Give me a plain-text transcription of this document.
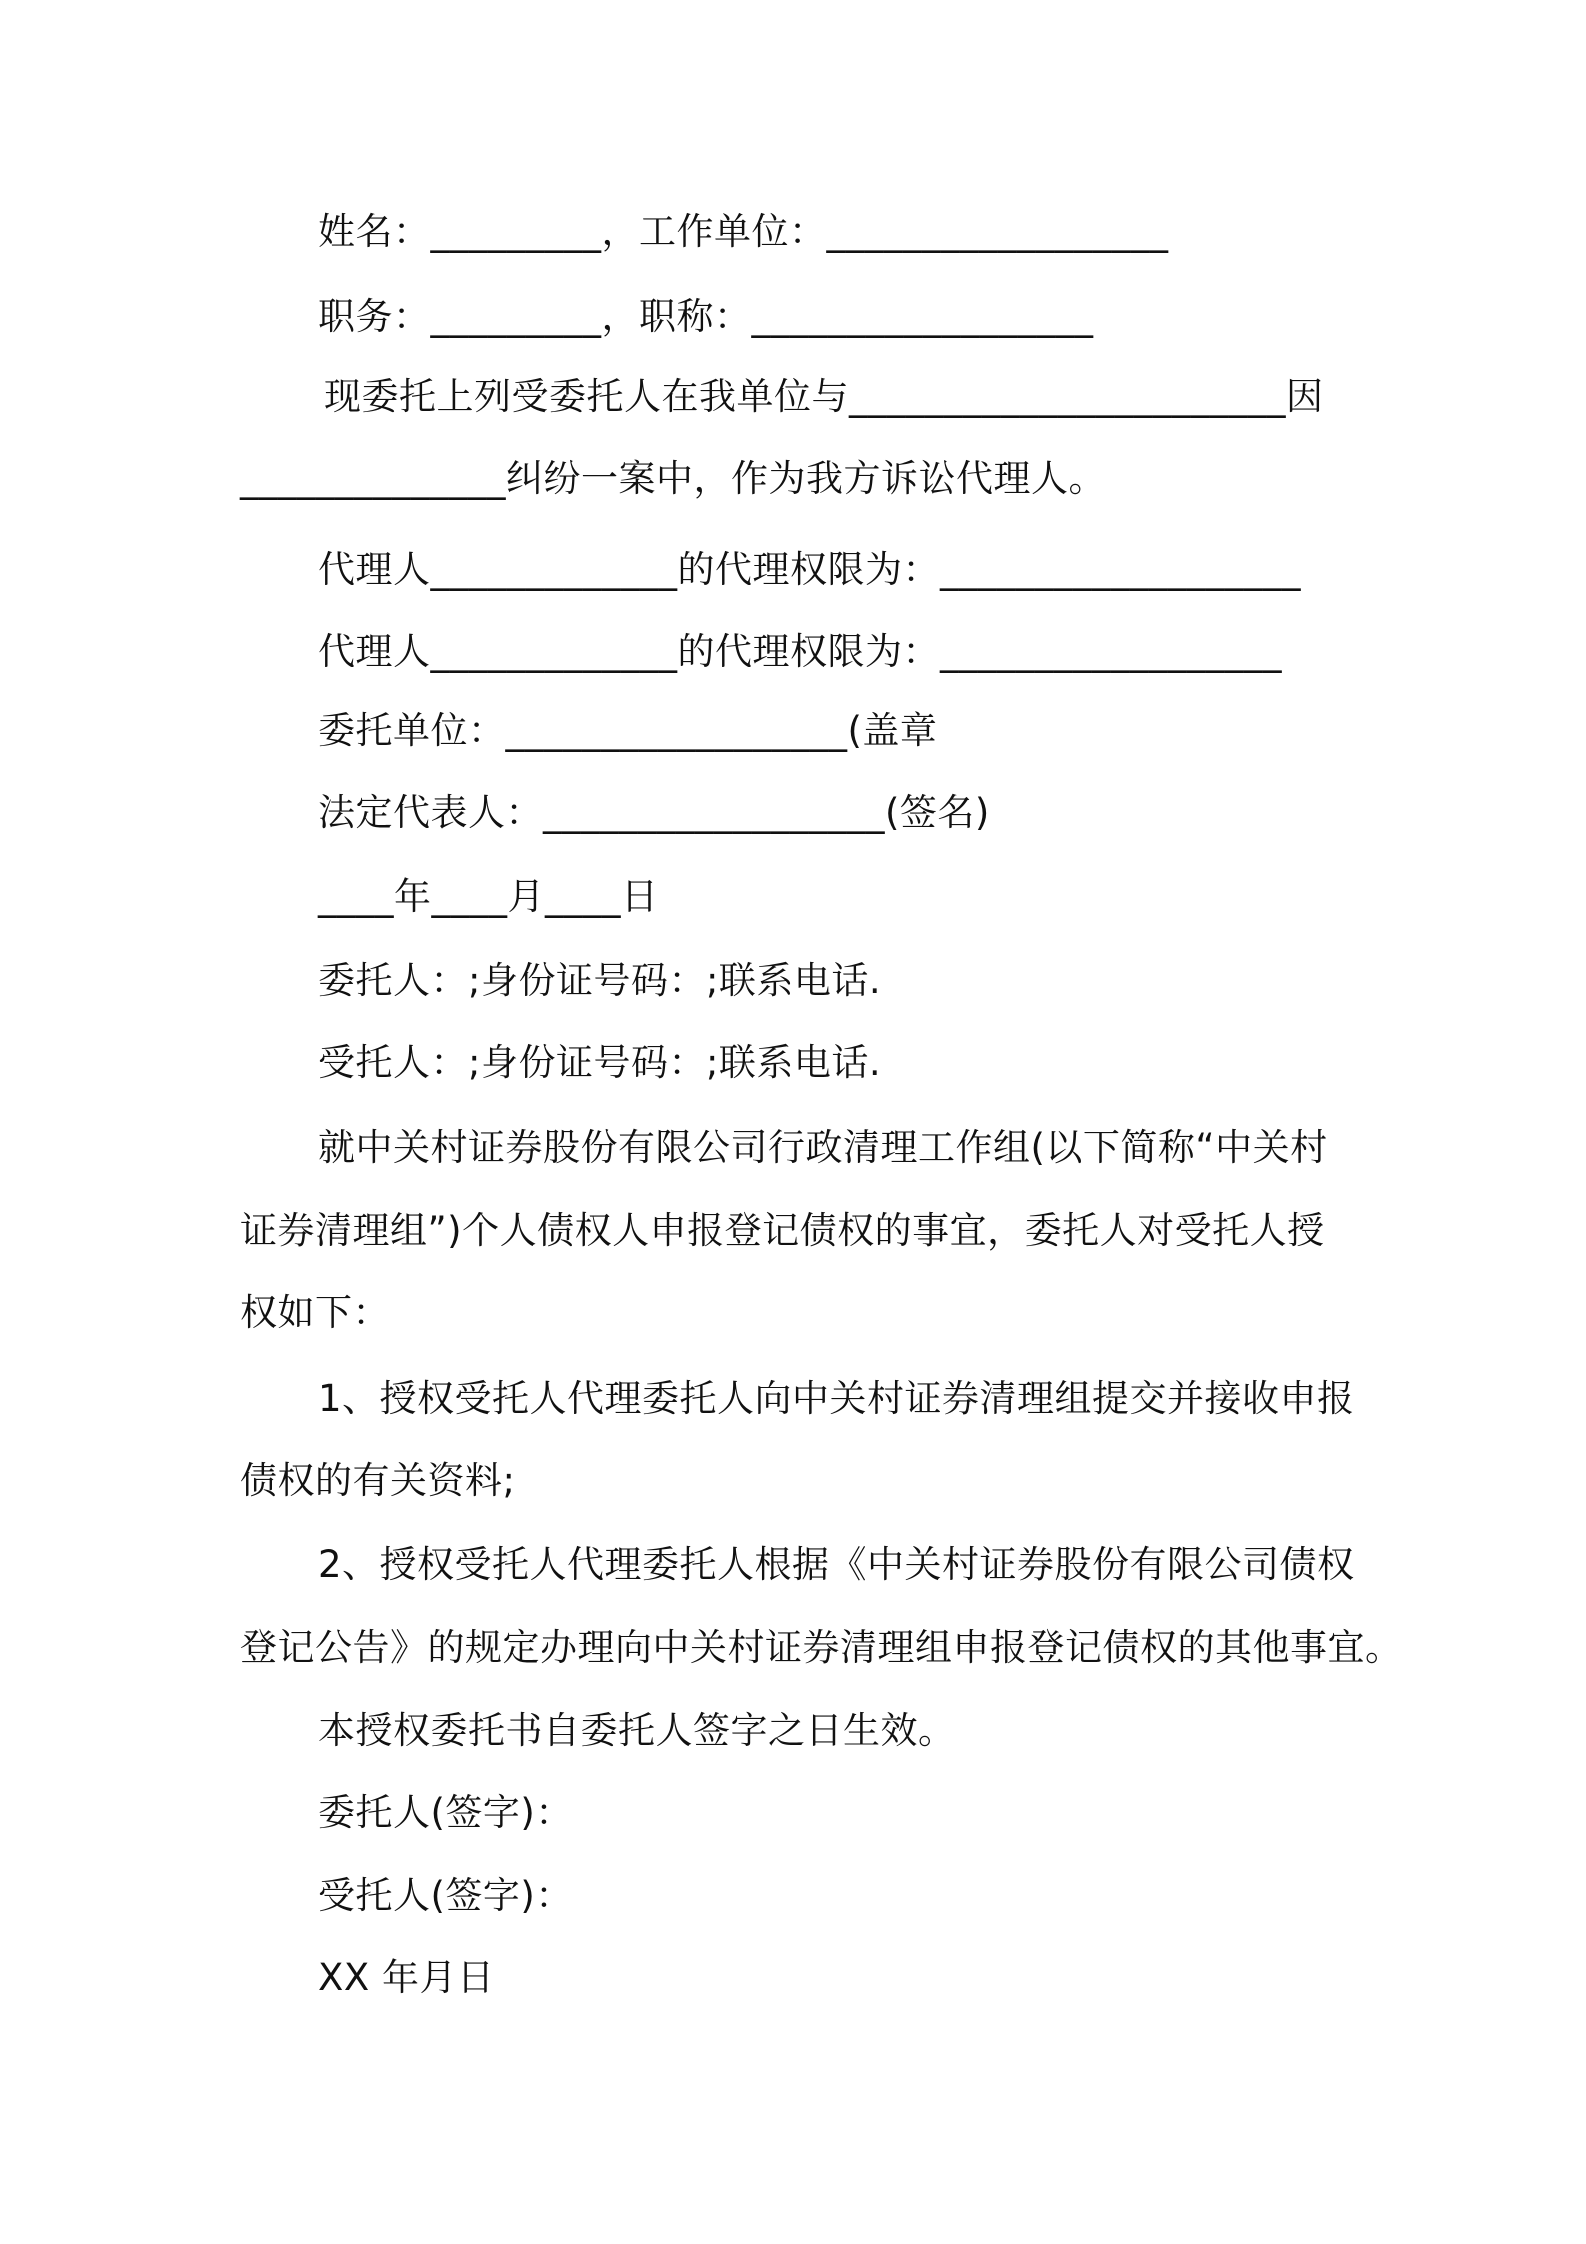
姓名：_________，工作单位：__________________
职务：_________，职称：__________________
现委托上列受委托人在我单位与_______________________因
______________纠纷一案中，作为我方诉讼代理人。
代理人_____________的代理权限为：___________________
代理人_____________的代理权限为：__________________
委托单位：__________________(盖章
法定代表人：__________________(签名)
____年____月____日
委托人：;身份证号码：;联系电话.
受托人：;身份证号码：;联系电话.
就中关村证券股份有限公司行政清理工作组(以下简称“中关村
证券清理组”)个人债权人申报登记债权的事宜，委托人对受托人授
权如下：
1、授权受托人代理委托人向中关村证券清理组提交并接收申报
债权的有关资料;
2、授权受托人代理委托人根据《中关村证券股份有限公司债权
登记公告》的规定办理向中关村证券清理组申报登记债权的其他事宜。
本授权委托书自委托人签字之日生效。
委托人(签字)：
受托人(签字)：
XX 年月日
